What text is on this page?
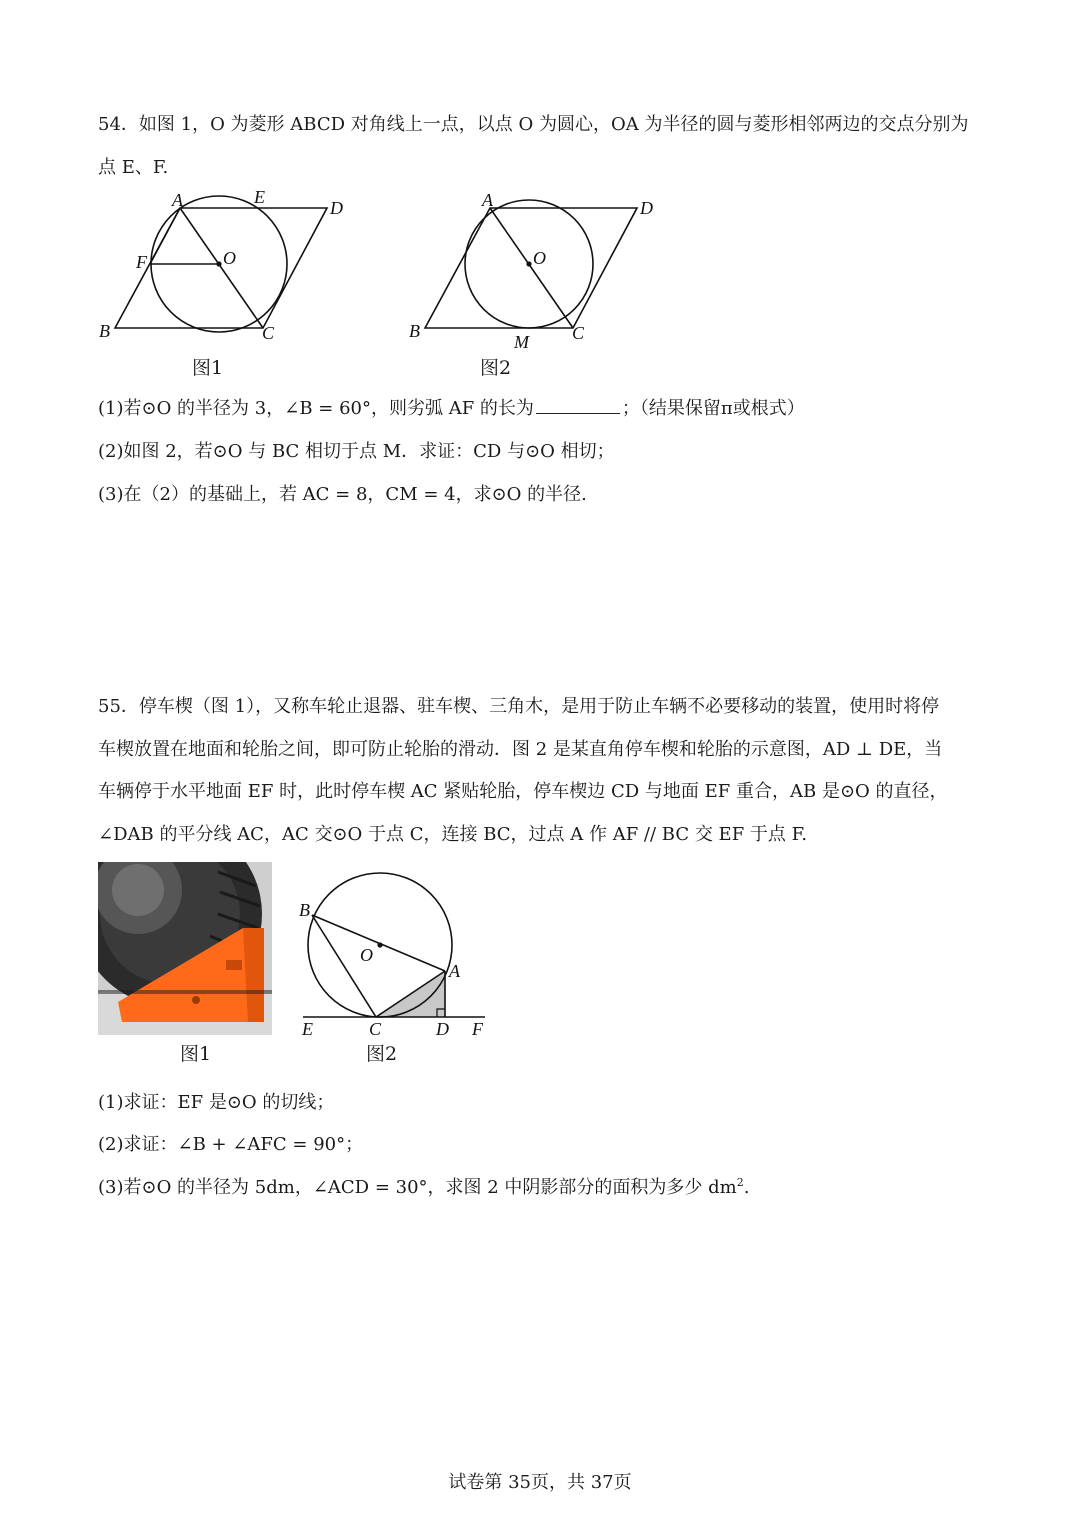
54．如图 1，O 为菱形 ABCD 对角线上一点，以点 O 为圆心，OA 为半径的圆与菱形相邻两边的交点分别为
点 E、F.
A	E
D
F	O
B	C
图1
A	D
O
B
M C
图2
(1)若⊙O 的半径为 3，∠B = 60°，则劣弧 AF 的长为	；（结果保留π或根式）
(2)如图 2，若⊙O 与 BC 相切于点 M．求证：CD 与⊙O 相切；
(3)在（2）的基础上，若 AC = 8，CM = 4，求⊙O 的半径.
55．停车楔（图 1），又称车轮止退器、驻车楔、三角木，是用于防止车辆不必要移动的装置，使用时将停
车楔放置在地面和轮胎之间，即可防止轮胎的滑动．图 2 是某直角停车楔和轮胎的示意图，AD ⊥ DE，当
车辆停于水平地面 EF 时，此时停车楔 AC 紧贴轮胎，停车楔边 CD 与地面 EF 重合，AB 是⊙O 的直径，
∠DAB 的平分线 AC，AC 交⊙O 于点 C，连接 BC，过点 A 作 AF // BC 交 EF 于点 F.
图1
B
O
A
E	C	D F
图2
(1)求证：EF 是⊙O 的切线；
(2)求证：∠B + ∠AFC = 90°；
(3)若⊙O 的半径为 5dm，∠ACD = 30°，求图 2 中阴影部分的面积为多少 $dm^2$.
试卷第 35页，共 37页
